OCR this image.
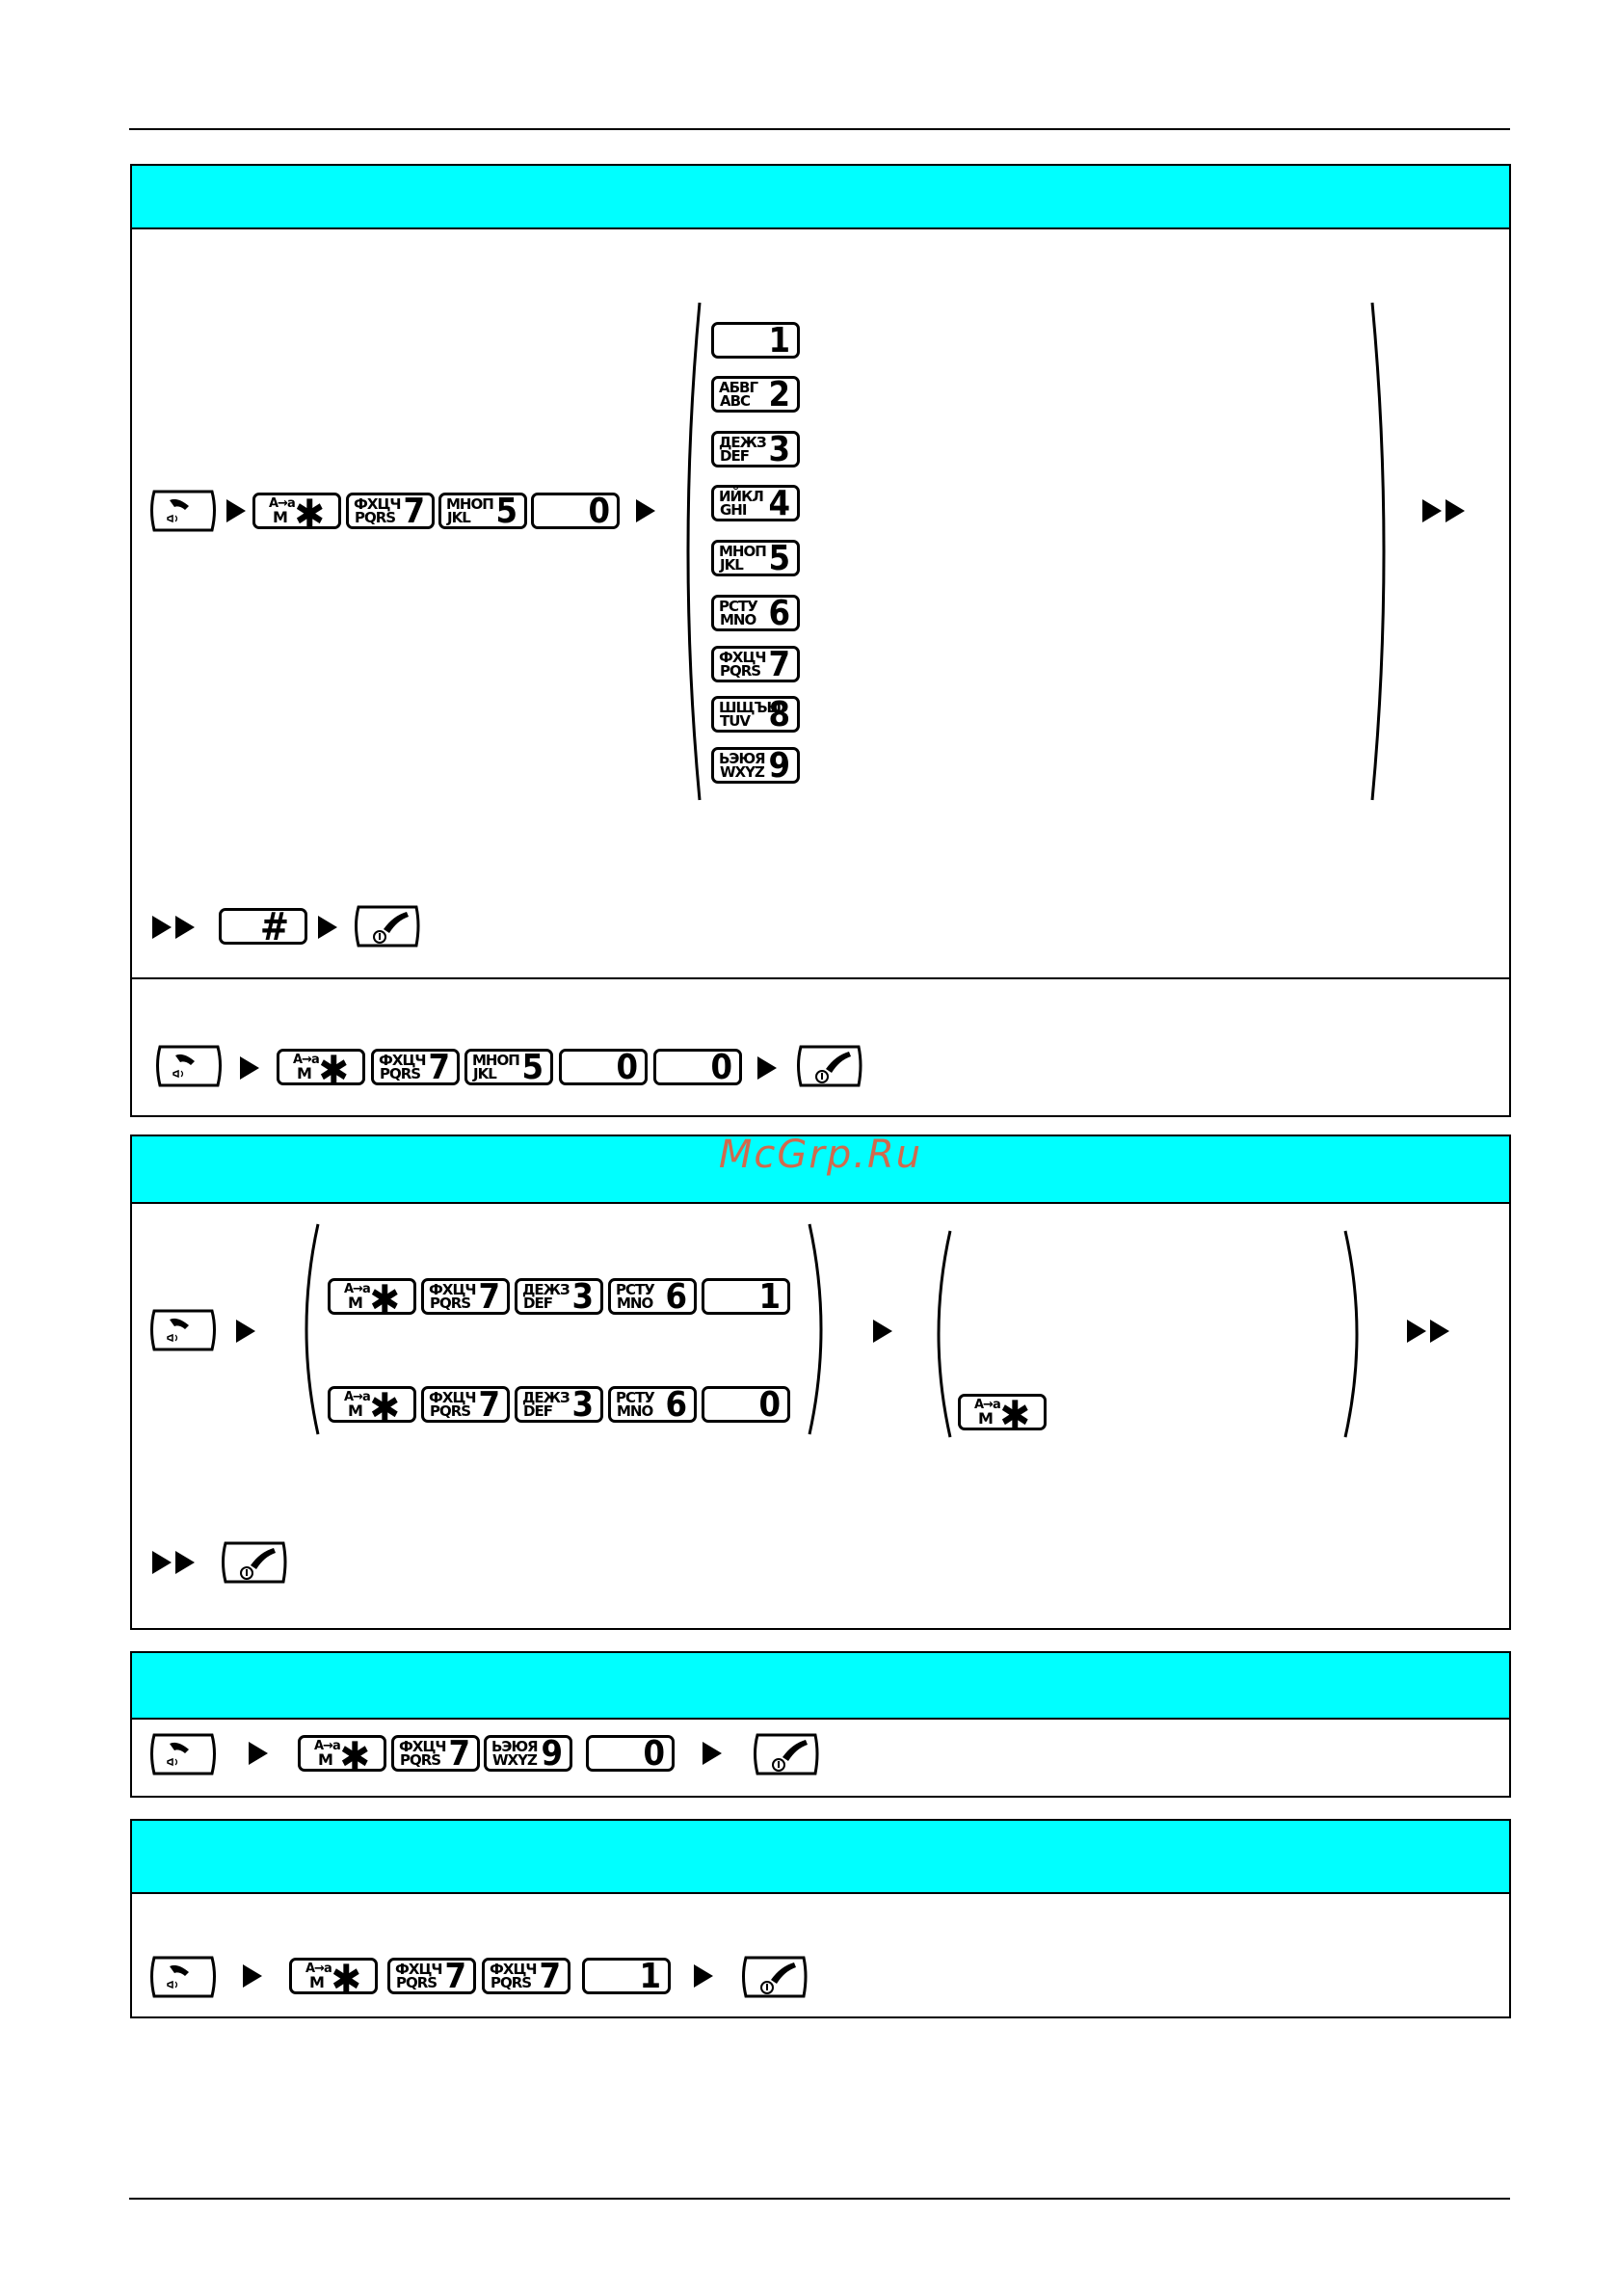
McGrp.Ru
A→a
M ✱ ФХЦЧ
PQRS 7 МНОП
JKL 5 0
1
АБВГ
ABC 2
ДЕЖЗ
DEF 3
ИЙКЛ
GHI 4
МНОП
JKL 5
РСТУ
MNO 6
ФХЦЧ
PQRS 7
ШЩЪЫ
TUV 8
ЬЭЮЯ
WXYZ 9
#
A→a
M ✱ ФХЦЧ
PQRS 7 МНОП
JKL 5 0 0
A→a
M ✱ ФХЦЧ
PQRS 7 ДЕЖЗ
DEF 3 РСТУ
MNO 6 1
A→a
M ✱ ФХЦЧ
PQRS 7 ДЕЖЗ
DEF 3 РСТУ
MNO 6 0	A→a
M ✱
A→a
M ✱ ФХЦЧ
PQRS 7 ЬЭЮЯ
WXYZ 9 0
A→a
M ✱ ФХЦЧ
PQRS 7 ФХЦЧ
PQRS 7 1
